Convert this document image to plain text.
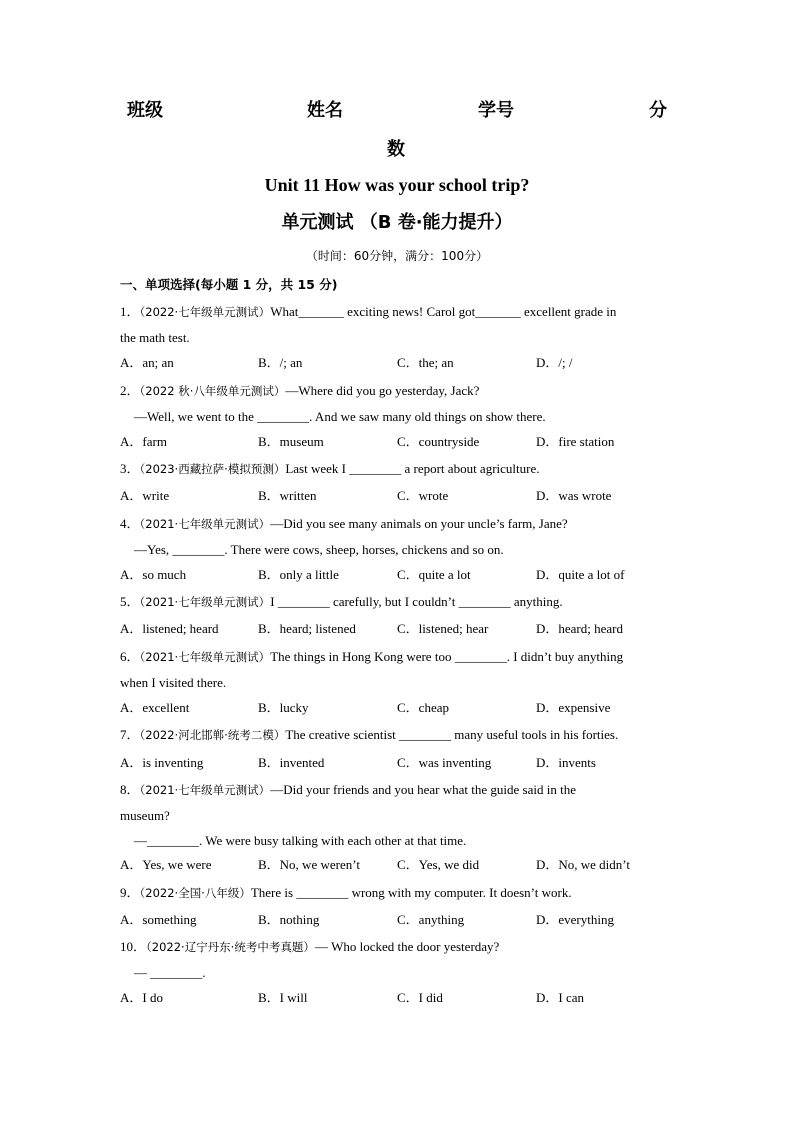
班级	姓名	学号	分
数
Unit 11 How was your school trip?
单元测试 （B 卷·能力提升）
（时间：60分钟，满分：100分）
一、单项选择(每小题 1 分，共 15 分)
1．（2022·七年级单元测试）What_______ exciting news! Carol got_______ excellent grade in
the math test.
A．an; an	B．/; an	C．the; an	D．/; /
2．（2022 秋·八年级单元测试）—Where did you go yesterday, Jack?
—Well, we went to the ________. And we saw many old things on show there.
A．farm	B．museum	C．countryside	D．fire station
3．（2023·西藏拉萨·模拟预测）Last week I ________ a report about agriculture.
A．write	B．written	C．wrote	D．was wrote
4．（2021·七年级单元测试）—Did you see many animals on your uncle’s farm, Jane?
—Yes, ________. There were cows, sheep, horses, chickens and so on.
A．so much	B．only a little	C．quite a lot	D．quite a lot of
5．（2021·七年级单元测试）I ________ carefully, but I couldn’t ________ anything.
A．listened; heard	B．heard; listened	C．listened; hear	D．heard; heard
6．（2021·七年级单元测试）The things in Hong Kong were too ________. I didn’t buy anything
when I visited there.
A．excellent	B．lucky	C．cheap	D．expensive
7．（2022·河北邯郸·统考二模）The creative scientist ________ many useful tools in his forties.
A．is inventing	B．invented	C．was inventing	D．invents
8．（2021·七年级单元测试）—Did your friends and you hear what the guide said in the
museum?
—________. We were busy talking with each other at that time.
A．Yes, we were	B．No, we weren’t	C．Yes, we did	D．No, we didn’t
9．（2022·全国·八年级）There is ________ wrong with my computer. It doesn’t work.
A．something	B．nothing	C．anything	D．everything
10．（2022·辽宁丹东·统考中考真题）— Who locked the door yesterday?
— ________.
A．I do	B．I will	C．I did	D．I can
